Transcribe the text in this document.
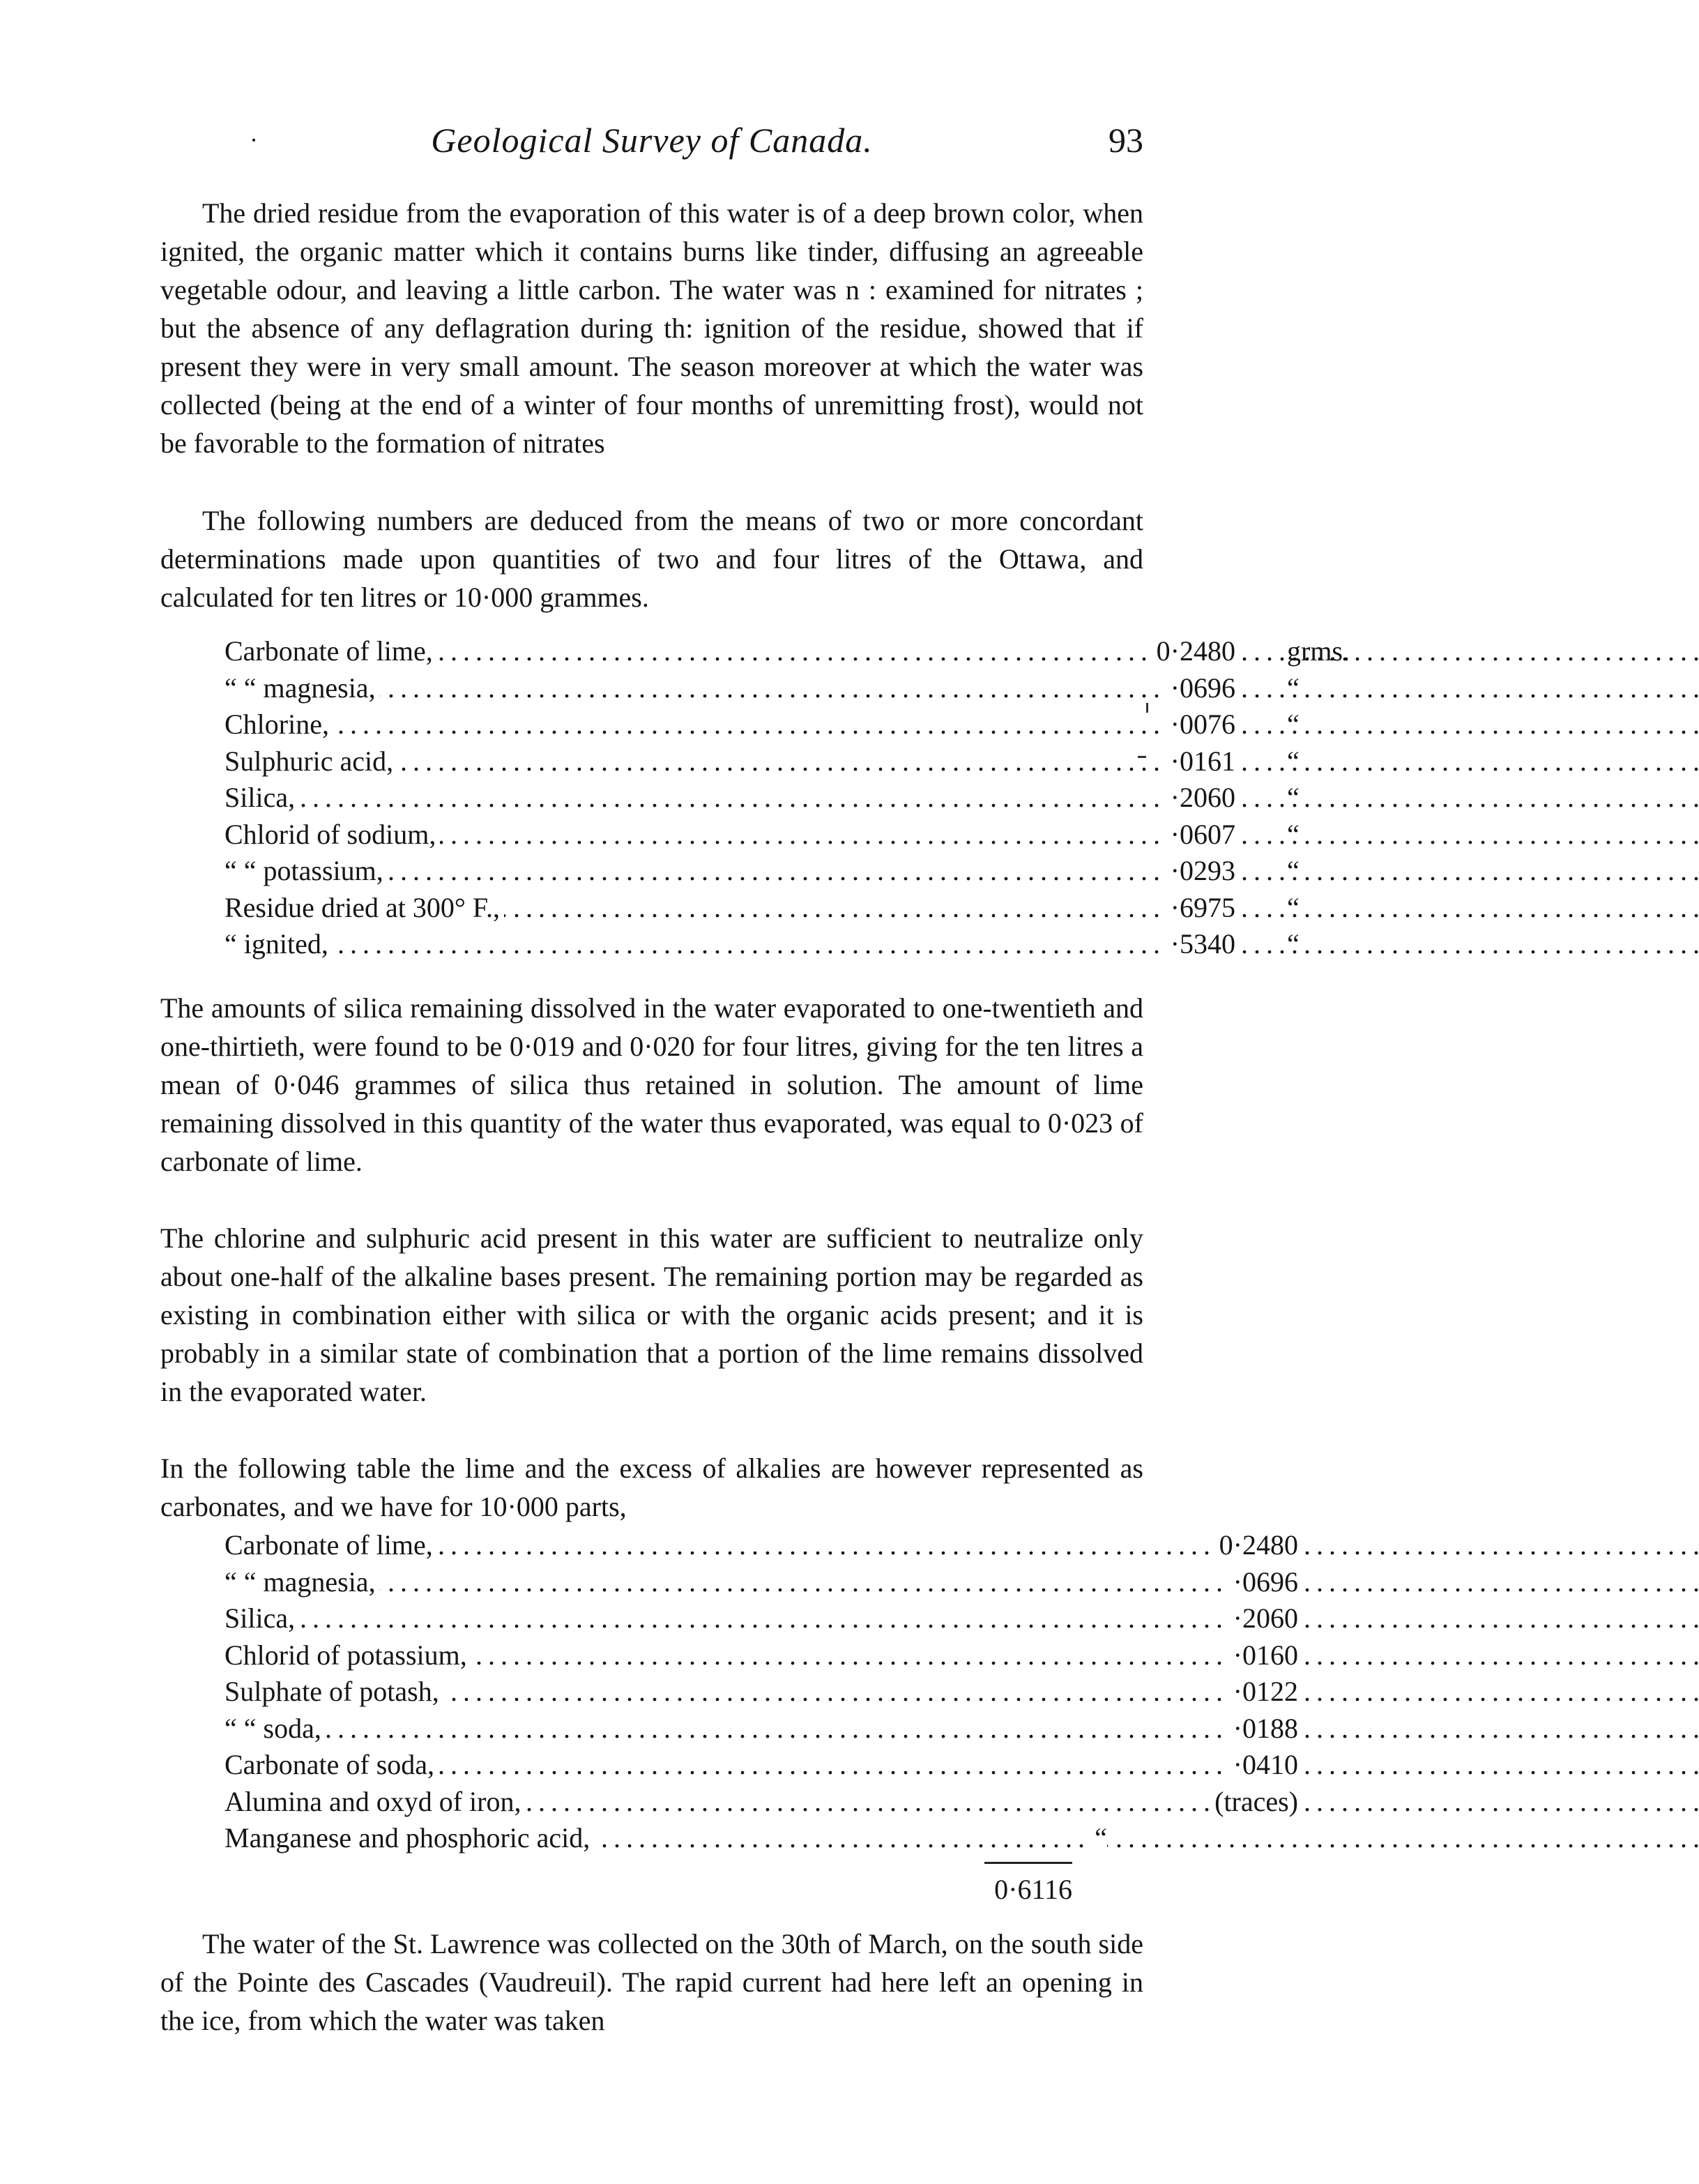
·	Geological Survey of Canada.	93

The dried residue from the evaporation of this water is of a deep brown color, when ignited, the organic matter which it contains burns like tinder, diffusing an agreeable vegetable odour, and leaving a little carbon. The water was n : examined for nitrates ; but the absence of any deflagration during th: ignition of the residue, showed that if present they were in very small amount. The season moreover at which the water was collected (being at the end of a winter of four months of unremitting frost), would not be favorable to the formation of nitrates

The following numbers are deduced from the means of two or more concordant determinations made upon quantities of two and four litres of the Ottawa, and calculated for ten litres or 10·000 grammes.

. . .
Carbonate of lime,	0·2480 grms.
. . .
“ “ magnesia,	·0696 “
. . .
Chlorine,	·0076 “
. . .
Sulphuric acid,	·0161 “
. . .
Silica,	·2060 “
. . .
Chlorid of sodium,	·0607 “
. . .
“ “ potassium,	·0293 “
. . .
Residue dried at 300° F.,	·6975 “
. . .
“ ignited,	·5340 “

The amounts of silica remaining dissolved in the water evaporated to one-twentieth and one-thirtieth, were found to be 0·019 and 0·020 for four litres, giving for the ten litres a mean of 0·046 grammes of silica thus retained in solution. The amount of lime remaining dissolved in this quantity of the water thus evaporated, was equal to 0·023 of carbonate of lime.

The chlorine and sulphuric acid present in this water are sufficient to neutralize only about one-half of the alkaline bases present. The remaining portion may be regarded as existing in combination either with silica or with the organic acids present; and it is probably in a similar state of combination that a portion of the lime remains dissolved in the evaporated water.

In the following table the lime and the excess of alkalies are however represented as carbonates, and we have for 10·000 parts,

. . .
Carbonate of lime,	0·2480
. . .
“ “ magnesia,	·0696
. . .
Silica,	·2060
. . .
Chlorid of potassium,	·0160
. . .
Sulphate of potash,	·0122
. . .
“ “ soda,	·0188
. . .
Carbonate of soda,	·0410
. . .
Alumina and oxyd of iron,	(traces)
. . .
Manganese and phosphoric acid,	“
0·6116

The water of the St. Lawrence was collected on the 30th of March, on the south side of the Pointe des Cascades (Vaudreuil). The rapid current had here left an opening in the ice, from which the water was taken
